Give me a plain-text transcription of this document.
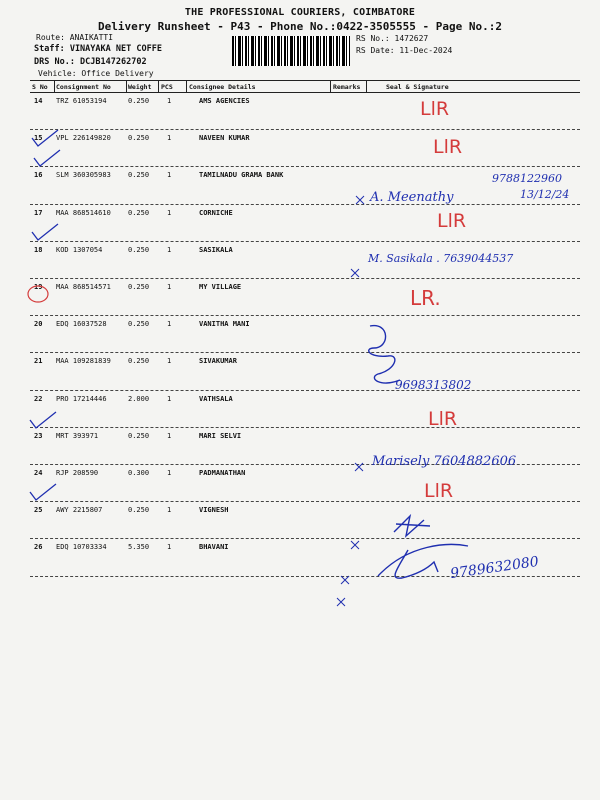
THE PROFESSIONAL COURIERS, COIMBATORE
Delivery Runsheet - P43 - Phone No.:0422-3505555 - Page No.:2
Route: ANAIKATTI
Staff: VINAYAKA NET COFFE
DRS No.: DCJB147262702
Vehicle: Office Delivery
RS No.: 1472627
RS Date: 11-Dec-2024
S No Consignment No	Weight PCS	Consignee Details	Remarks	Seal & Signature
14 TRZ 61053194	0.250	1	AMS AGENCIES
15 VPL 226149820 0.250	1	NAVEEN KUMAR
16 SLM 360305983 0.250	1	TAMILNADU GRAMA BANK
17 MAA 868514610 0.250	1	CORNICHE
18 KOD 1307054	0.250	1	SASIKALA
19 MAA 868514571 0.250	1	MY VILLAGE
20 EDQ 16037528	0.250	1	VANITHA MANI
21 MAA 109281839 0.250	1	SIVAKUMAR
22 PRO 17214446	2.000	1	VATHSALA
23 MRT 393971	0.250	1	MARI SELVI
24 RJP 208590	0.300	1	PADMANATHAN
25 AWY 2215807	0.250	1	VIGNESH
26 EDQ 10703334	5.350	1	BHAVANI
LlR
LlR
9788122960
A. Meenathy	13/12/24
LlR
M. Sasikala . 7639044537
LR.
9698313802
LlR
Marisely 7604882606
LlR
9789632080
